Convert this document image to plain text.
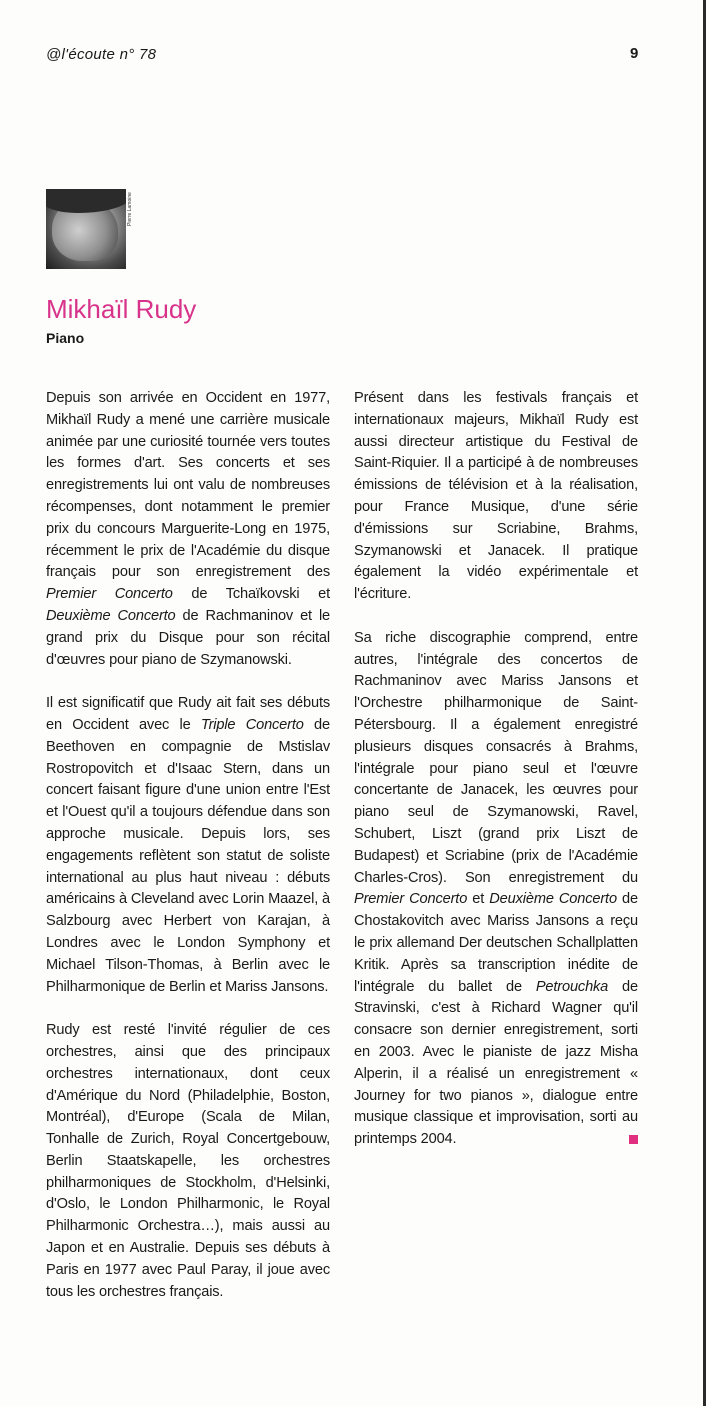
@l'écoute n° 78	9
Pierre Lamoine
Mikhaïl Rudy
Piano

Depuis son arrivée en Occident en 1977, Mikhaïl Rudy a mené une carrière musicale animée par une curiosité tournée vers toutes les formes d'art. Ses concerts et ses enregistrements lui ont valu de nombreuses récompenses, dont notamment le premier prix du concours Marguerite-Long en 1975, récemment le prix de l'Académie du disque français pour son enregistrement des Premier Concerto de Tchaïkovski et Deuxième Concerto de Rachmaninov et le grand prix du Disque pour son récital d'œuvres pour piano de Szymanowski.

Il est significatif que Rudy ait fait ses débuts en Occident avec le Triple Concerto de Beethoven en compagnie de Mstislav Rostropovitch et d'Isaac Stern, dans un concert faisant figure d'une union entre l'Est et l'Ouest qu'il a toujours défendue dans son approche musicale. Depuis lors, ses engagements reflètent son statut de soliste international au plus haut niveau : débuts américains à Cleveland avec Lorin Maazel, à Salzbourg avec Herbert von Karajan, à Londres avec le London Symphony et Michael Tilson-Thomas, à Berlin avec le Philharmonique de Berlin et Mariss Jansons.

Rudy est resté l'invité régulier de ces orchestres, ainsi que des principaux orchestres internationaux, dont ceux d'Amérique du Nord (Philadelphie, Boston, Montréal), d'Europe (Scala de Milan, Tonhalle de Zurich, Royal Concertgebouw, Berlin Staatskapelle, les orchestres philharmoniques de Stockholm, d'Helsinki, d'Oslo, le London Philharmonic, le Royal Philharmonic Orchestra…), mais aussi au Japon et en Australie. Depuis ses débuts à Paris en 1977 avec Paul Paray, il joue avec tous les orchestres français.

Présent dans les festivals français et internationaux majeurs, Mikhaïl Rudy est aussi directeur artistique du Festival de Saint-Riquier. Il a participé à de nombreuses émissions de télévision et à la réalisation, pour France Musique, d'une série d'émissions sur Scriabine, Brahms, Szymanowski et Janacek. Il pratique également la vidéo expérimentale et l'écriture.

Sa riche discographie comprend, entre autres, l'intégrale des concertos de Rachmaninov avec Mariss Jansons et l'Orchestre philharmonique de Saint-Pétersbourg. Il a également enregistré plusieurs disques consacrés à Brahms, l'intégrale pour piano seul et l'œuvre concertante de Janacek, les œuvres pour piano seul de Szymanowski, Ravel, Schubert, Liszt (grand prix Liszt de Budapest) et Scriabine (prix de l'Académie Charles-Cros). Son enregistrement du Premier Concerto et Deuxième Concerto de Chostakovitch avec Mariss Jansons a reçu le prix allemand Der deutschen Schallplatten Kritik. Après sa transcription inédite de l'intégrale du ballet de Petrouchka de Stravinski, c'est à Richard Wagner qu'il consacre son dernier enregistrement, sorti en 2003. Avec le pianiste de jazz Misha Alperin, il a réalisé un enregistrement « Journey for two pianos », dialogue entre musique classique et improvisation, sorti au printemps 2004.
